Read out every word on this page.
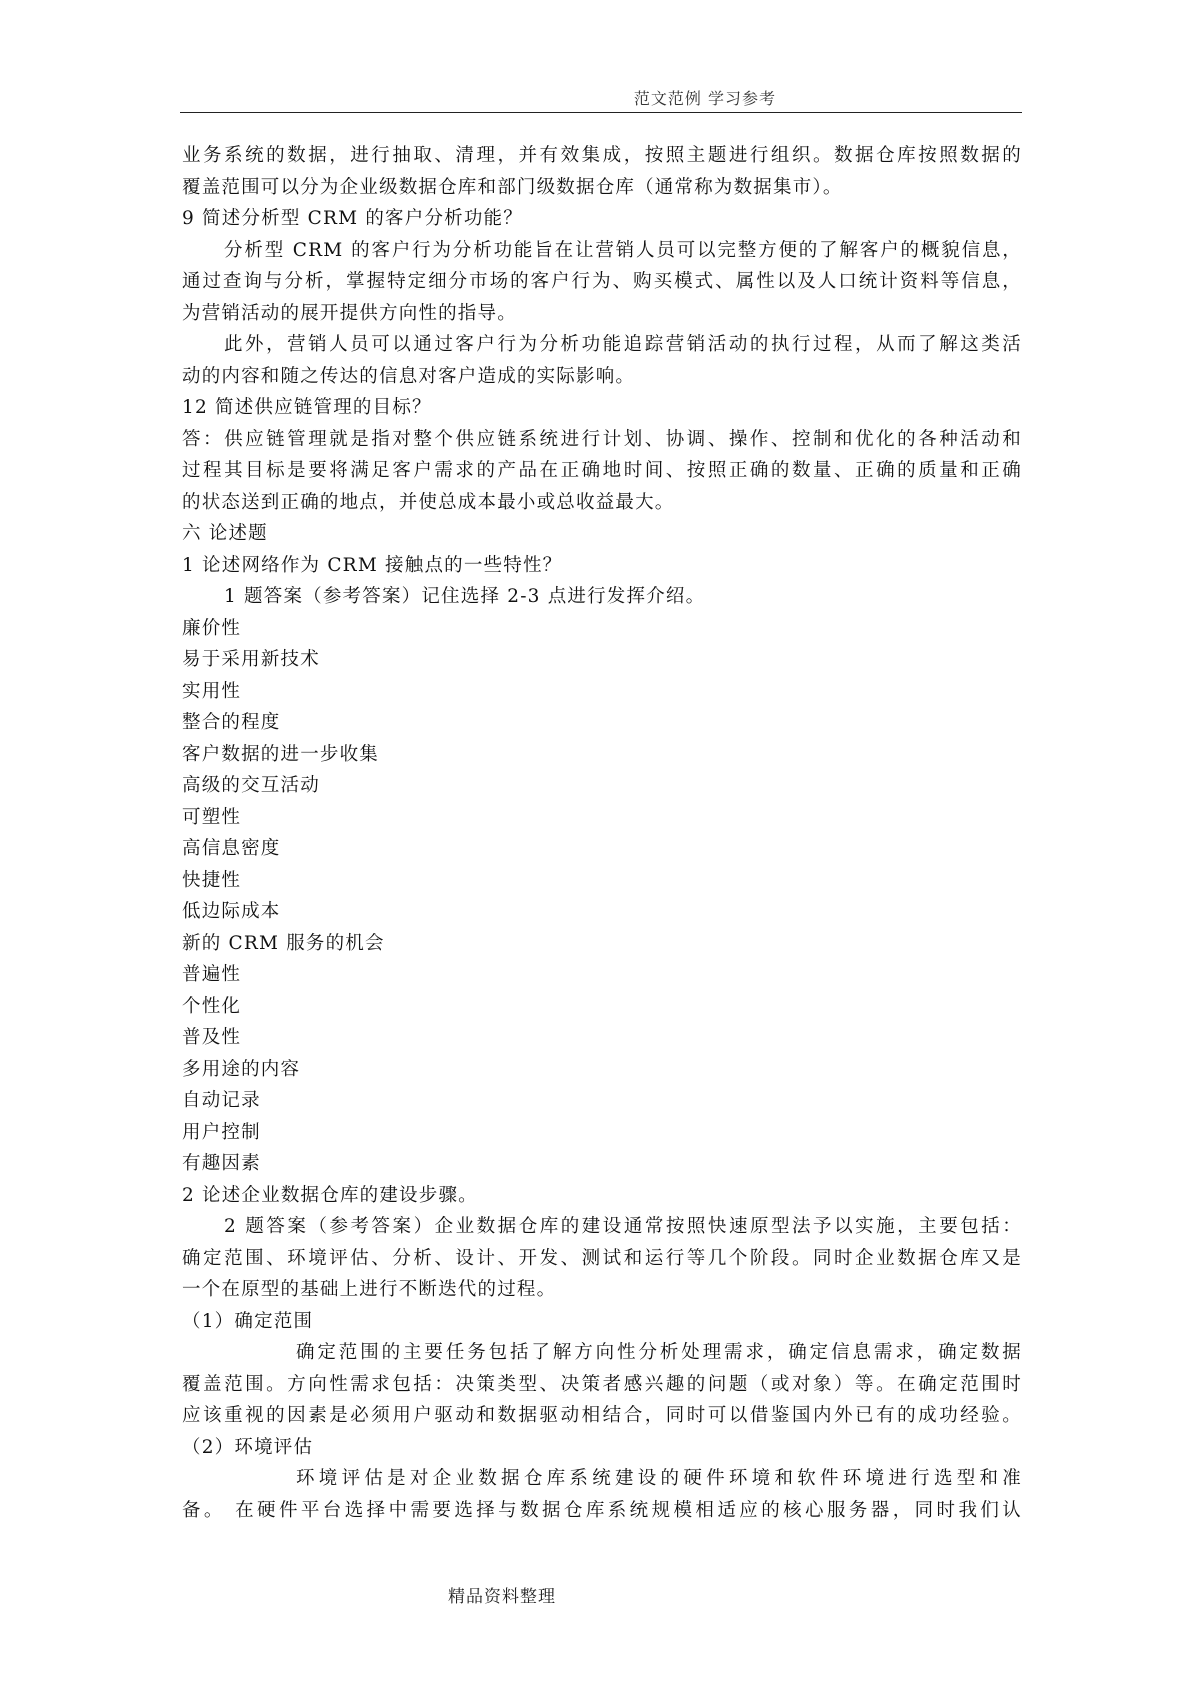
范文范例 学习参考
业务系统的数据，进行抽取、清理，并有效集成，按照主题进行组织。数据仓库按照数据的
覆盖范围可以分为企业级数据仓库和部门级数据仓库（通常称为数据集市）。
9 简述分析型 CRM 的客户分析功能？
分析型 CRM 的客户行为分析功能旨在让营销人员可以完整方便的了解客户的概貌信息，
通过查询与分析，掌握特定细分市场的客户行为、购买模式、属性以及人口统计资料等信息，
为营销活动的展开提供方向性的指导。
此外，营销人员可以通过客户行为分析功能追踪营销活动的执行过程，从而了解这类活
动的内容和随之传达的信息对客户造成的实际影响。
12 简述供应链管理的目标？
答：供应链管理就是指对整个供应链系统进行计划、协调、操作、控制和优化的各种活动和
过程其目标是要将满足客户需求的产品在正确地时间、按照正确的数量、正确的质量和正确
的状态送到正确的地点，并使总成本最小或总收益最大。
六 论述题
1 论述网络作为 CRM 接触点的一些特性？
1 题答案（参考答案）记住选择 2-3 点进行发挥介绍。
廉价性
易于采用新技术
实用性
整合的程度
客户数据的进一步收集
高级的交互活动
可塑性
高信息密度
快捷性
低边际成本
新的 CRM 服务的机会
普遍性
个性化
普及性
多用途的内容
自动记录
用户控制
有趣因素
2 论述企业数据仓库的建设步骤。
2 题答案（参考答案）企业数据仓库的建设通常按照快速原型法予以实施，主要包括：
确定范围、环境评估、分析、设计、开发、测试和运行等几个阶段。同时企业数据仓库又是
一个在原型的基础上进行不断迭代的过程。
（1）确定范围
确定范围的主要任务包括了解方向性分析处理需求，确定信息需求，确定数据
覆盖范围。方向性需求包括：决策类型、决策者感兴趣的问题（或对象）等。在确定范围时
应该重视的因素是必须用户驱动和数据驱动相结合，同时可以借鉴国内外已有的成功经验。
（2）环境评估
环境评估是对企业数据仓库系统建设的硬件环境和软件环境进行选型和准
备。 在硬件平台选择中需要选择与数据仓库系统规模相适应的核心服务器，同时我们认
精品资料整理
